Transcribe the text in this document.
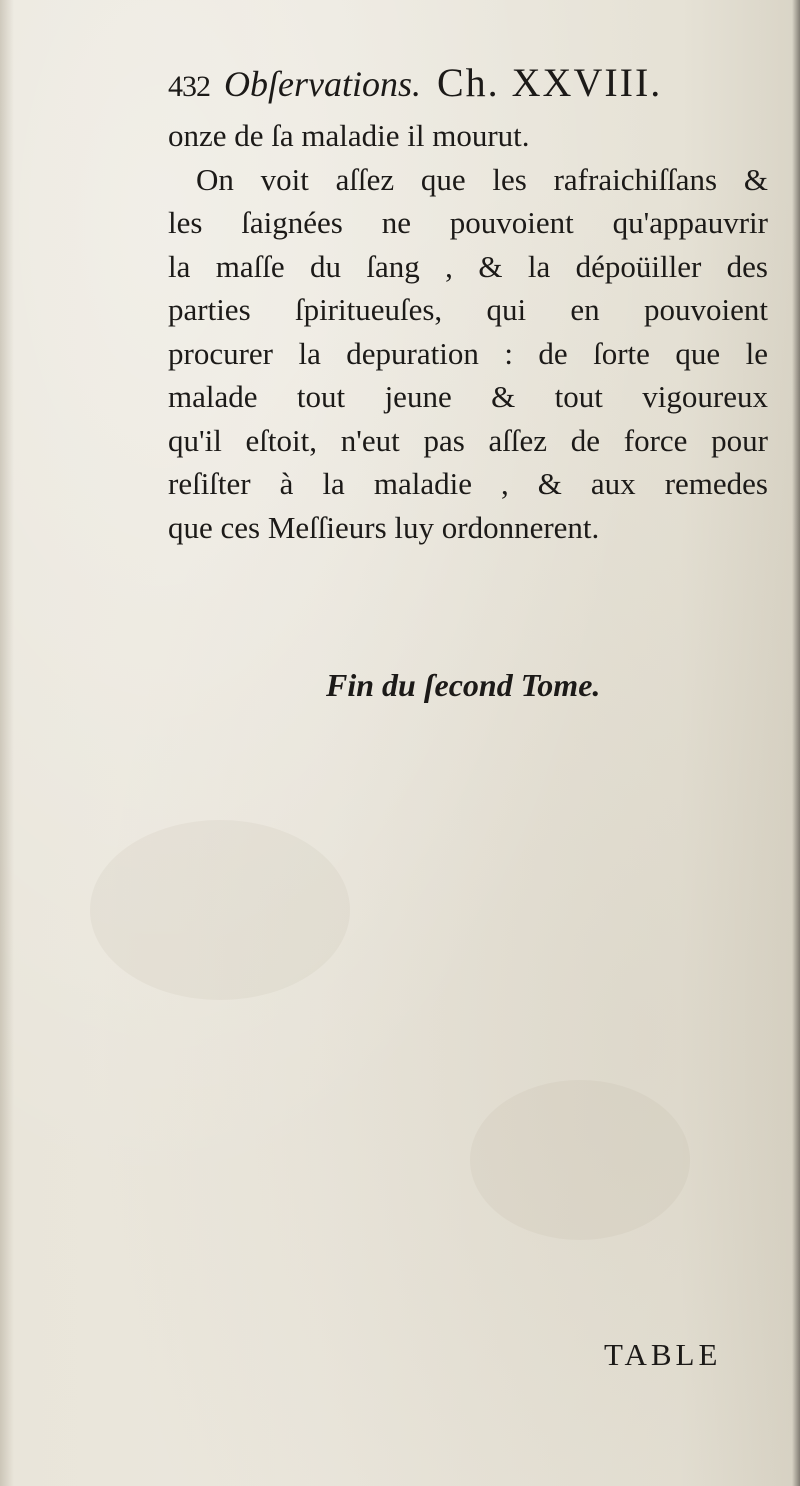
432 Obſervations. Ch. XXVIII.
onze de ſa maladie il mourut.
On voit aſſez que les rafraichiſſans &
les ſaignées ne pouvoient qu'appauvrir
la maſſe du ſang , & la dépoüiller des
parties ſpiritueuſes, qui en pouvoient
procurer la depuration : de ſorte que le
malade tout jeune & tout vigoureux
qu'il eſtoit, n'eut pas aſſez de force pour
reſiſter à la maladie , & aux remedes
que ces Meſſieurs luy ordonnerent.
Fin du ſecond Tome.
TABLE
